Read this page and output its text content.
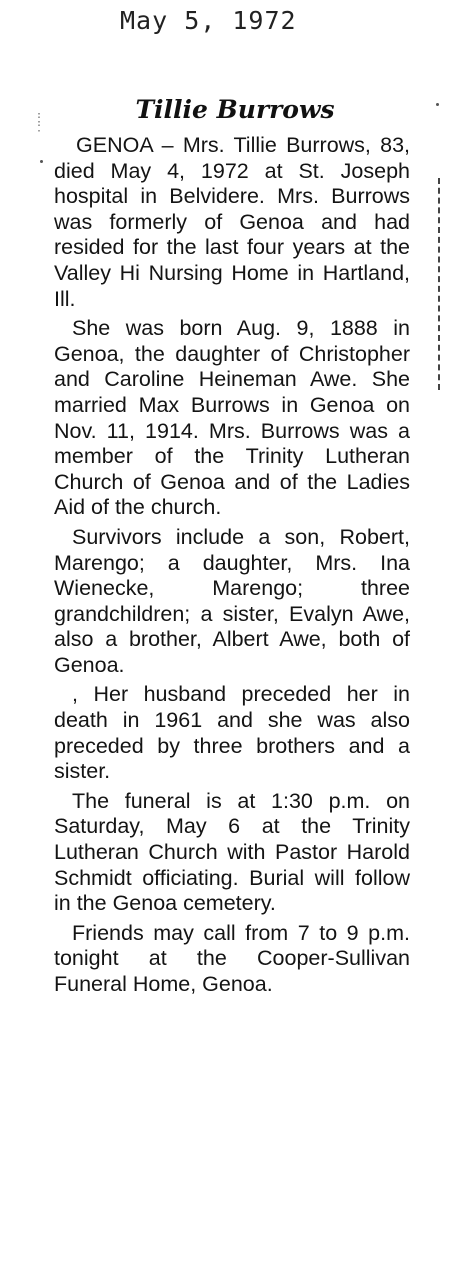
May 5, 1972
:
:
·
Tillie Burrows

GENOA – Mrs. Tillie Burrows, 83, died May 4, 1972 at St. Joseph hospital in Belvidere. Mrs. Burrows was formerly of Genoa and had resided for the last four years at the Valley Hi Nursing Home in Hartland, Ill.

She was born Aug. 9, 1888 in Genoa, the daughter of Christopher and Caroline Heineman Awe. She married Max Burrows in Genoa on Nov. 11, 1914. Mrs. Burrows was a member of the Trinity Lutheran Church of Genoa and of the Ladies Aid of the church.

Survivors include a son, Robert, Marengo; a daughter, Mrs. Ina Wienecke, Marengo; three grandchildren; a sister, Evalyn Awe, also a brother, Albert Awe, both of Genoa.

, Her husband preceded her in death in 1961 and she was also preceded by three brothers and a sister.

The funeral is at 1:30 p.m. on Saturday, May 6 at the Trinity Lutheran Church with Pastor Harold Schmidt officiating. Burial will follow in the Genoa cemetery.

Friends may call from 7 to 9 p.m. tonight at the Cooper-Sullivan Funeral Home, Genoa.
